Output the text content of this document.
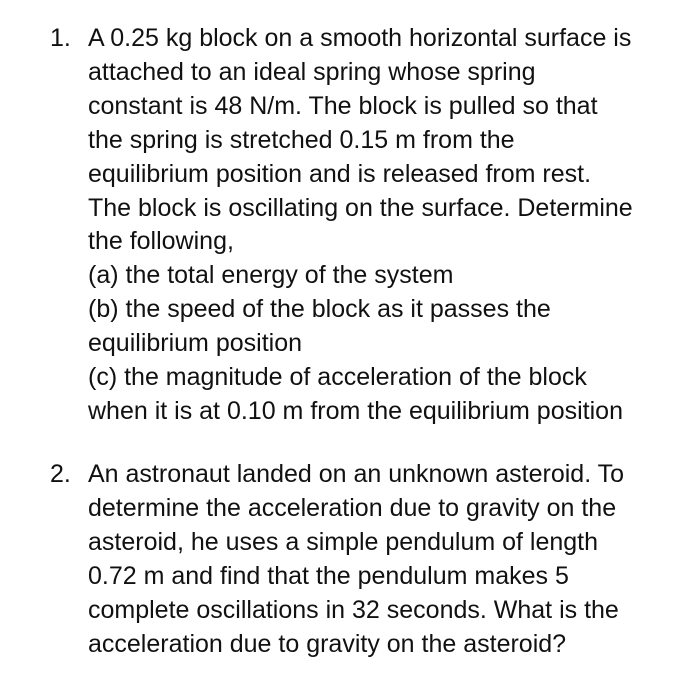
1. A 0.25 kg block on a smooth horizontal surface is
attached to an ideal spring whose spring
constant is 48 N/m. The block is pulled so that
the spring is stretched 0.15 m from the
equilibrium position and is released from rest.
The block is oscillating on the surface. Determine
the following,
(a) the total energy of the system
(b) the speed of the block as it passes the
equilibrium position
(c) the magnitude of acceleration of the block
when it is at 0.10 m from the equilibrium position
2. An astronaut landed on an unknown asteroid. To
determine the acceleration due to gravity on the
asteroid, he uses a simple pendulum of length
0.72 m and find that the pendulum makes 5
complete oscillations in 32 seconds. What is the
acceleration due to gravity on the asteroid?
